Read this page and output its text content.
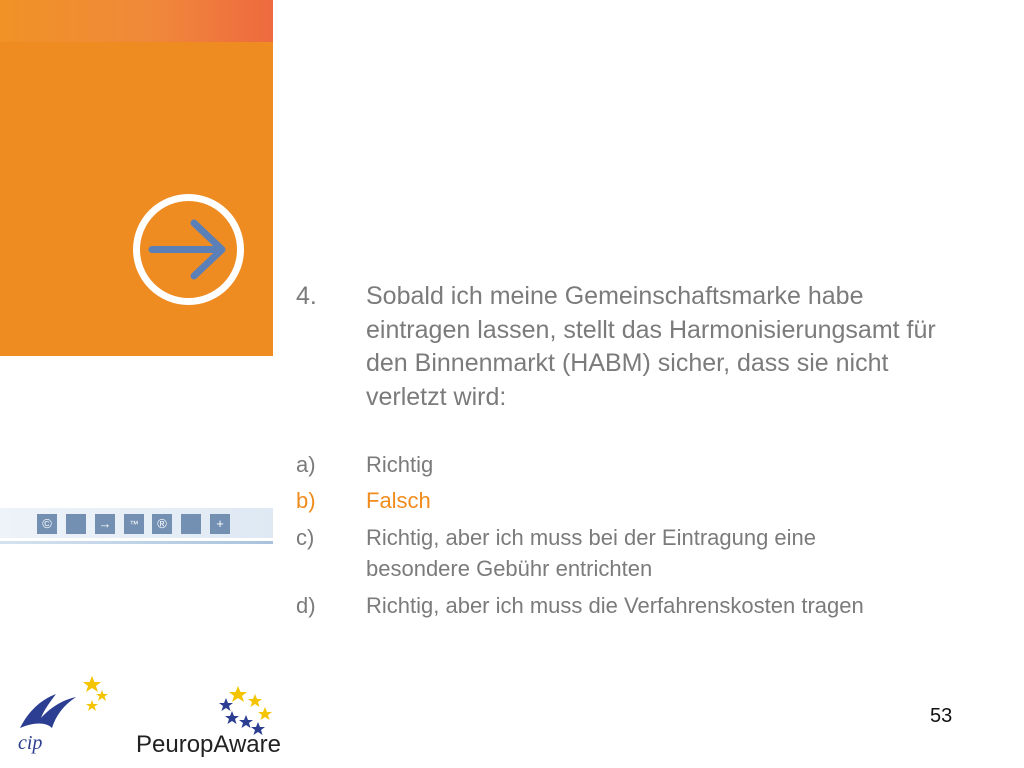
©	→	™	®	+
4. Sobald ich meine Gemeinschaftsmarke habe eintragen lassen, stellt das Harmonisierungsamt für den Binnenmarkt (HABM) sicher, dass sie nicht verletzt wird:
a) Richtig
b) Falsch
c) Richtig, aber ich muss bei der Eintragung eine besondere Gebühr entrichten
d) Richtig, aber ich muss die Verfahrenskosten tragen
cip	PeuropAware
53
